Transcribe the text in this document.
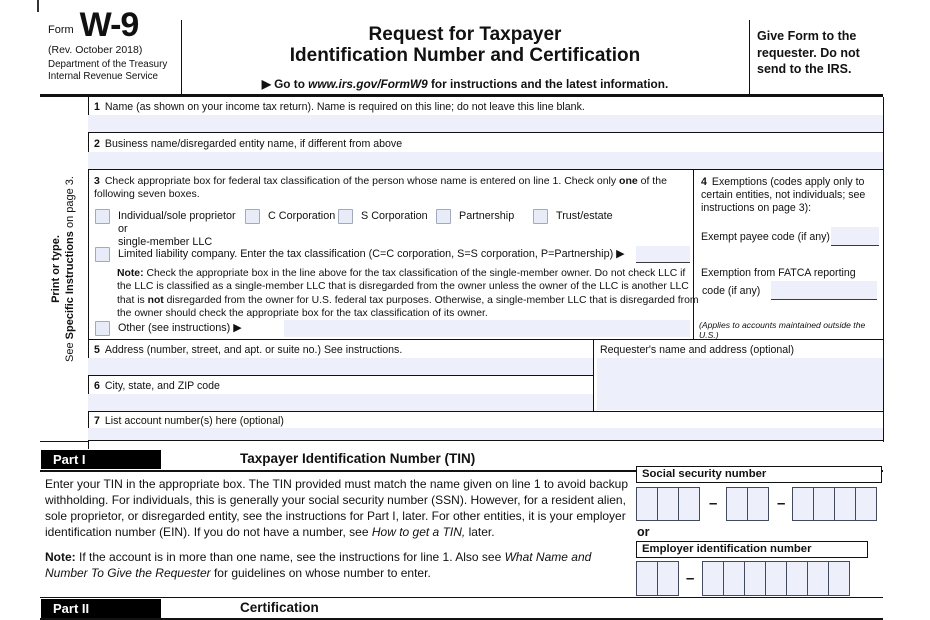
Form W-9
(Rev. October 2018)
Department of the Treasury
Internal Revenue Service
Request for Taxpayer
Identification Number and Certification
▶ Go to www.irs.gov/FormW9 for instructions and the latest information.
Give Form to the requester. Do not send to the IRS.
Print or type.
See Specific Instructions on page 3.
1 Name (as shown on your income tax return). Name is required on this line; do not leave this line blank.
2 Business name/disregarded entity name, if different from above
3 Check appropriate box for federal tax classification of the person whose name is entered on line 1. Check only one of the following seven boxes.
Individual/sole proprietor or
single-member LLC
C Corporation S Corporation	Partnership	Trust/estate
Limited liability company. Enter the tax classification (C=C corporation, S=S corporation, P=Partnership) ▶
Note: Check the appropriate box in the line above for the tax classification of the single-member owner. Do not check LLC if the LLC is classified as a single-member LLC that is disregarded from the owner unless the owner of the LLC is another LLC that is not disregarded from the owner for U.S. federal tax purposes. Otherwise, a single-member LLC that is disregarded from the owner should check the appropriate box for the tax classification of its owner.
Other (see instructions) ▶
4 Exemptions (codes apply only to certain entities, not individuals; see instructions on page 3):
Exempt payee code (if any)
Exemption from FATCA reporting
code (if any)
(Applies to accounts maintained outside the U.S.)
5 Address (number, street, and apt. or suite no.) See instructions.
6 City, state, and ZIP code
Requester's name and address (optional)
7 List account number(s) here (optional)
Part I	Taxpayer Identification Number (TIN)
Enter your TIN in the appropriate box. The TIN provided must match the name given on line 1 to avoid backup withholding. For individuals, this is generally your social security number (SSN). However, for a resident alien, sole proprietor, or disregarded entity, see the instructions for Part I, later. For other entities, it is your employer identification number (EIN). If you do not have a number, see How to get a TIN, later.
Note: If the account is in more than one name, see the instructions for line 1. Also see What Name and Number To Give the Requester for guidelines on whose number to enter.
Social security number
–	–
or
Employer identification number
–
Part II	Certification
